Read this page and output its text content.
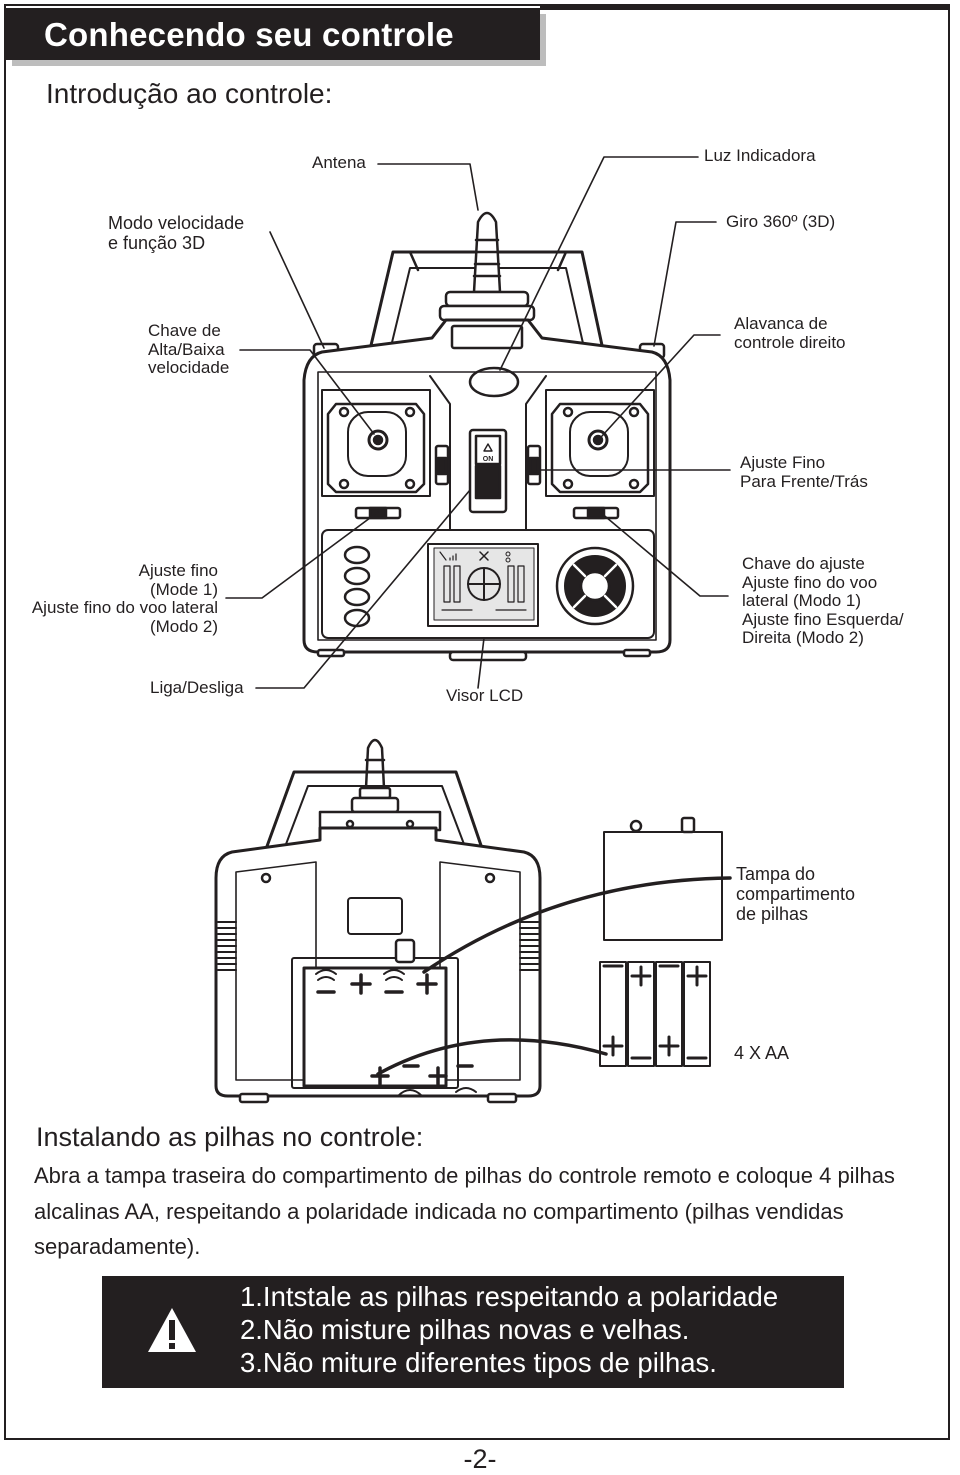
Conhecendo seu controle
Introdução ao controle:
ON
Antena	Luz Indicadora
Modo velocidade
e função 3D
Giro 360º (3D)
Chave de
Alta/Baixa
velocidade
Alavanca de
controle direito
Ajuste Fino
Para Frente/Trás
Ajuste fino
(Mode 1)
Ajuste fino do voo lateral
(Modo 2)
Chave do ajuste
Ajuste fino do voo
lateral (Modo 1)
Ajuste fino Esquerda/
Direita (Modo 2)
Liga/Desliga	Visor LCD
Tampa do
compartimento
de pilhas
4 X AA
Instalando as pilhas no controle:
Abra a tampa traseira do compartimento de pilhas do controle remoto e coloque 4 pilhas alcalinas AA, respeitando a polaridade indicada no compartimento (pilhas vendidas separadamente).
1.Intstale as pilhas respeitando a polaridade
2.Não misture pilhas novas e velhas.
3.Não miture diferentes tipos de pilhas.
-2-
